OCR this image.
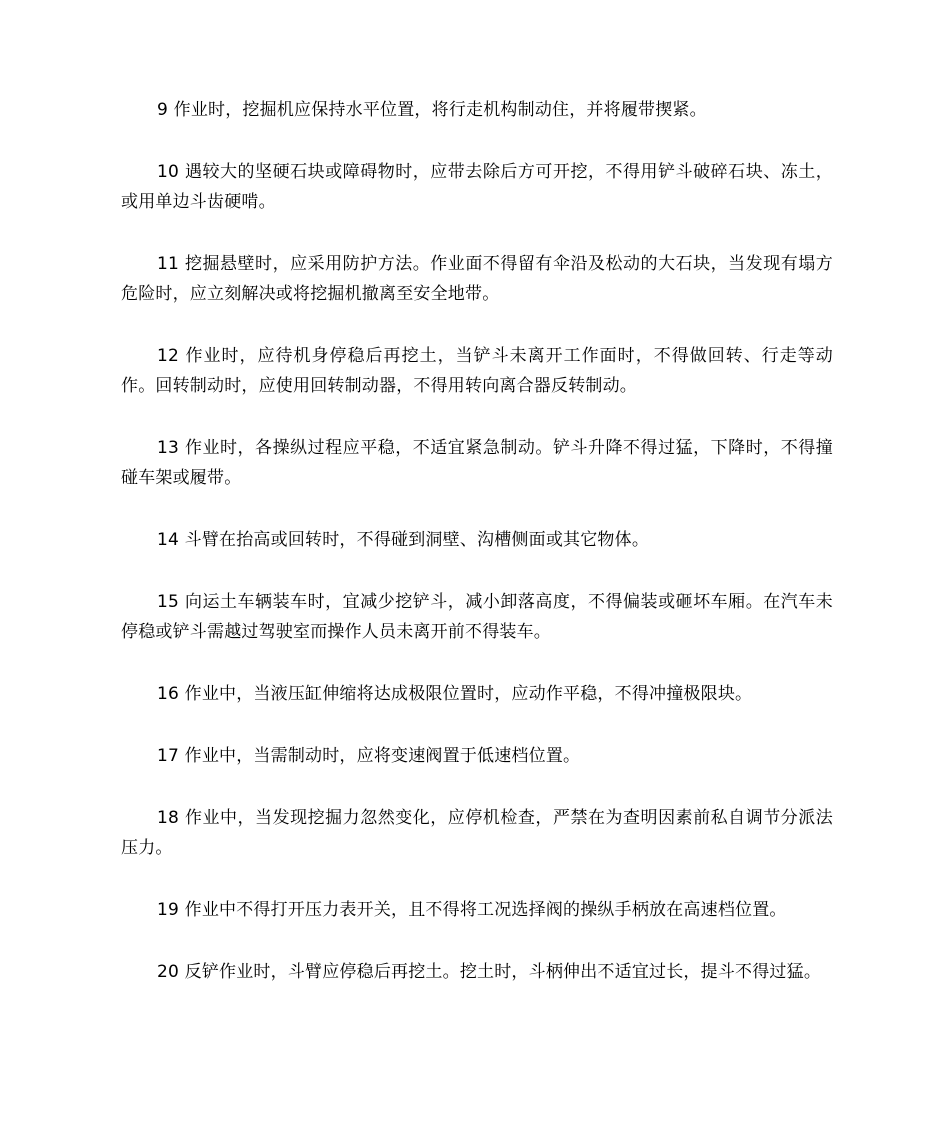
9 作业时，挖掘机应保持水平位置，将行走机构制动住，并将履带揳紧。

10 遇较大的坚硬石块或障碍物时，应带去除后方可开挖，不得用铲斗破碎石块、冻土，或用单边斗齿硬啃。

11 挖掘悬壁时，应采用防护方法。作业面不得留有伞沿及松动的大石块，当发现有塌方危险时，应立刻解决或将挖掘机撤离至安全地带。

12 作业时，应待机身停稳后再挖土，当铲斗未离开工作面时，不得做回转、行走等动作。回转制动时，应使用回转制动器，不得用转向离合器反转制动。

13 作业时，各操纵过程应平稳，不适宜紧急制动。铲斗升降不得过猛，下降时，不得撞碰车架或履带。

14 斗臂在抬高或回转时，不得碰到洞壁、沟槽侧面或其它物体。

15 向运土车辆装车时，宜减少挖铲斗，减小卸落高度，不得偏装或砸坏车厢。在汽车未停稳或铲斗需越过驾驶室而操作人员未离开前不得装车。

16 作业中，当液压缸伸缩将达成极限位置时，应动作平稳，不得冲撞极限块。

17 作业中，当需制动时，应将变速阀置于低速档位置。

18 作业中，当发现挖掘力忽然变化，应停机检查，严禁在为查明因素前私自调节分派法压力。

19 作业中不得打开压力表开关，且不得将工况选择阀的操纵手柄放在高速档位置。

20 反铲作业时，斗臂应停稳后再挖土。挖土时，斗柄伸出不适宜过长，提斗不得过猛。
